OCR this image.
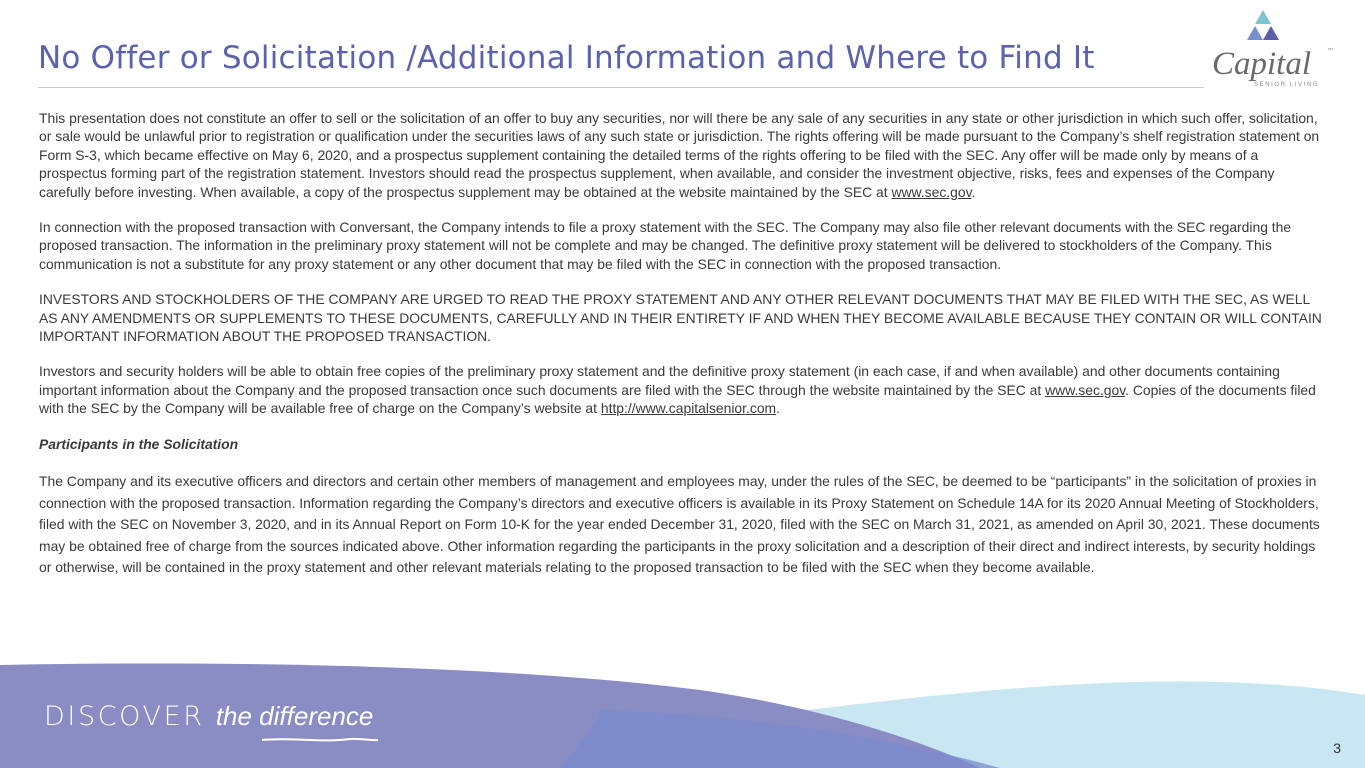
No Offer or Solicitation /Additional Information and Where to Find It	Capital	™

SENIOR LIVING

This presentation does not constitute an offer to sell or the solicitation of an offer to buy any securities, nor will there be any sale of any securities in any state or other jurisdiction in which such offer, solicitation, or sale would be unlawful prior to registration or qualification under the securities laws of any such state or jurisdiction. The rights offering will be made pursuant to the Company’s shelf registration statement on Form S-3, which became effective on May 6, 2020, and a prospectus supplement containing the detailed terms of the rights offering to be filed with the SEC. Any offer will be made only by means of a prospectus forming part of the registration statement. Investors should read the prospectus supplement, when available, and consider the investment objective, risks, fees and expenses of the Company carefully before investing. When available, a copy of the prospectus supplement may be obtained at the website maintained by the SEC at www.sec.gov.

In connection with the proposed transaction with Conversant, the Company intends to file a proxy statement with the SEC. The Company may also file other relevant documents with the SEC regarding the proposed transaction. The information in the preliminary proxy statement will not be complete and may be changed. The definitive proxy statement will be delivered to stockholders of the Company. This communication is not a substitute for any proxy statement or any other document that may be filed with the SEC in connection with the proposed transaction.

INVESTORS AND STOCKHOLDERS OF THE COMPANY ARE URGED TO READ THE PROXY STATEMENT AND ANY OTHER RELEVANT DOCUMENTS THAT MAY BE FILED WITH THE SEC, AS WELL AS ANY AMENDMENTS OR SUPPLEMENTS TO THESE DOCUMENTS, CAREFULLY AND IN THEIR ENTIRETY IF AND WHEN THEY BECOME AVAILABLE BECAUSE THEY CONTAIN OR WILL CONTAIN IMPORTANT INFORMATION ABOUT THE PROPOSED TRANSACTION.

Investors and security holders will be able to obtain free copies of the preliminary proxy statement and the definitive proxy statement (in each case, if and when available) and other documents containing important information about the Company and the proposed transaction once such documents are filed with the SEC through the website maintained by the SEC at www.sec.gov. Copies of the documents filed with the SEC by the Company will be available free of charge on the Company’s website at http://www.capitalsenior.com.

Participants in the Solicitation

The Company and its executive officers and directors and certain other members of management and employees may, under the rules of the SEC, be deemed to be “participants” in the solicitation of proxies in connection with the proposed transaction. Information regarding the Company’s directors and executive officers is available in its Proxy Statement on Schedule 14A for its 2020 Annual Meeting of Stockholders, filed with the SEC on November 3, 2020, and in its Annual Report on Form 10-K for the year ended December 31, 2020, filed with the SEC on March 31, 2021, as amended on April 30, 2021. These documents may be obtained free of charge from the sources indicated above. Other information regarding the participants in the proxy solicitation and a description of their direct and indirect interests, by security holdings or otherwise, will be contained in the proxy statement and other relevant materials relating to the proposed transaction to be filed with the SEC when they become available.

DISCOVER the difference

3
